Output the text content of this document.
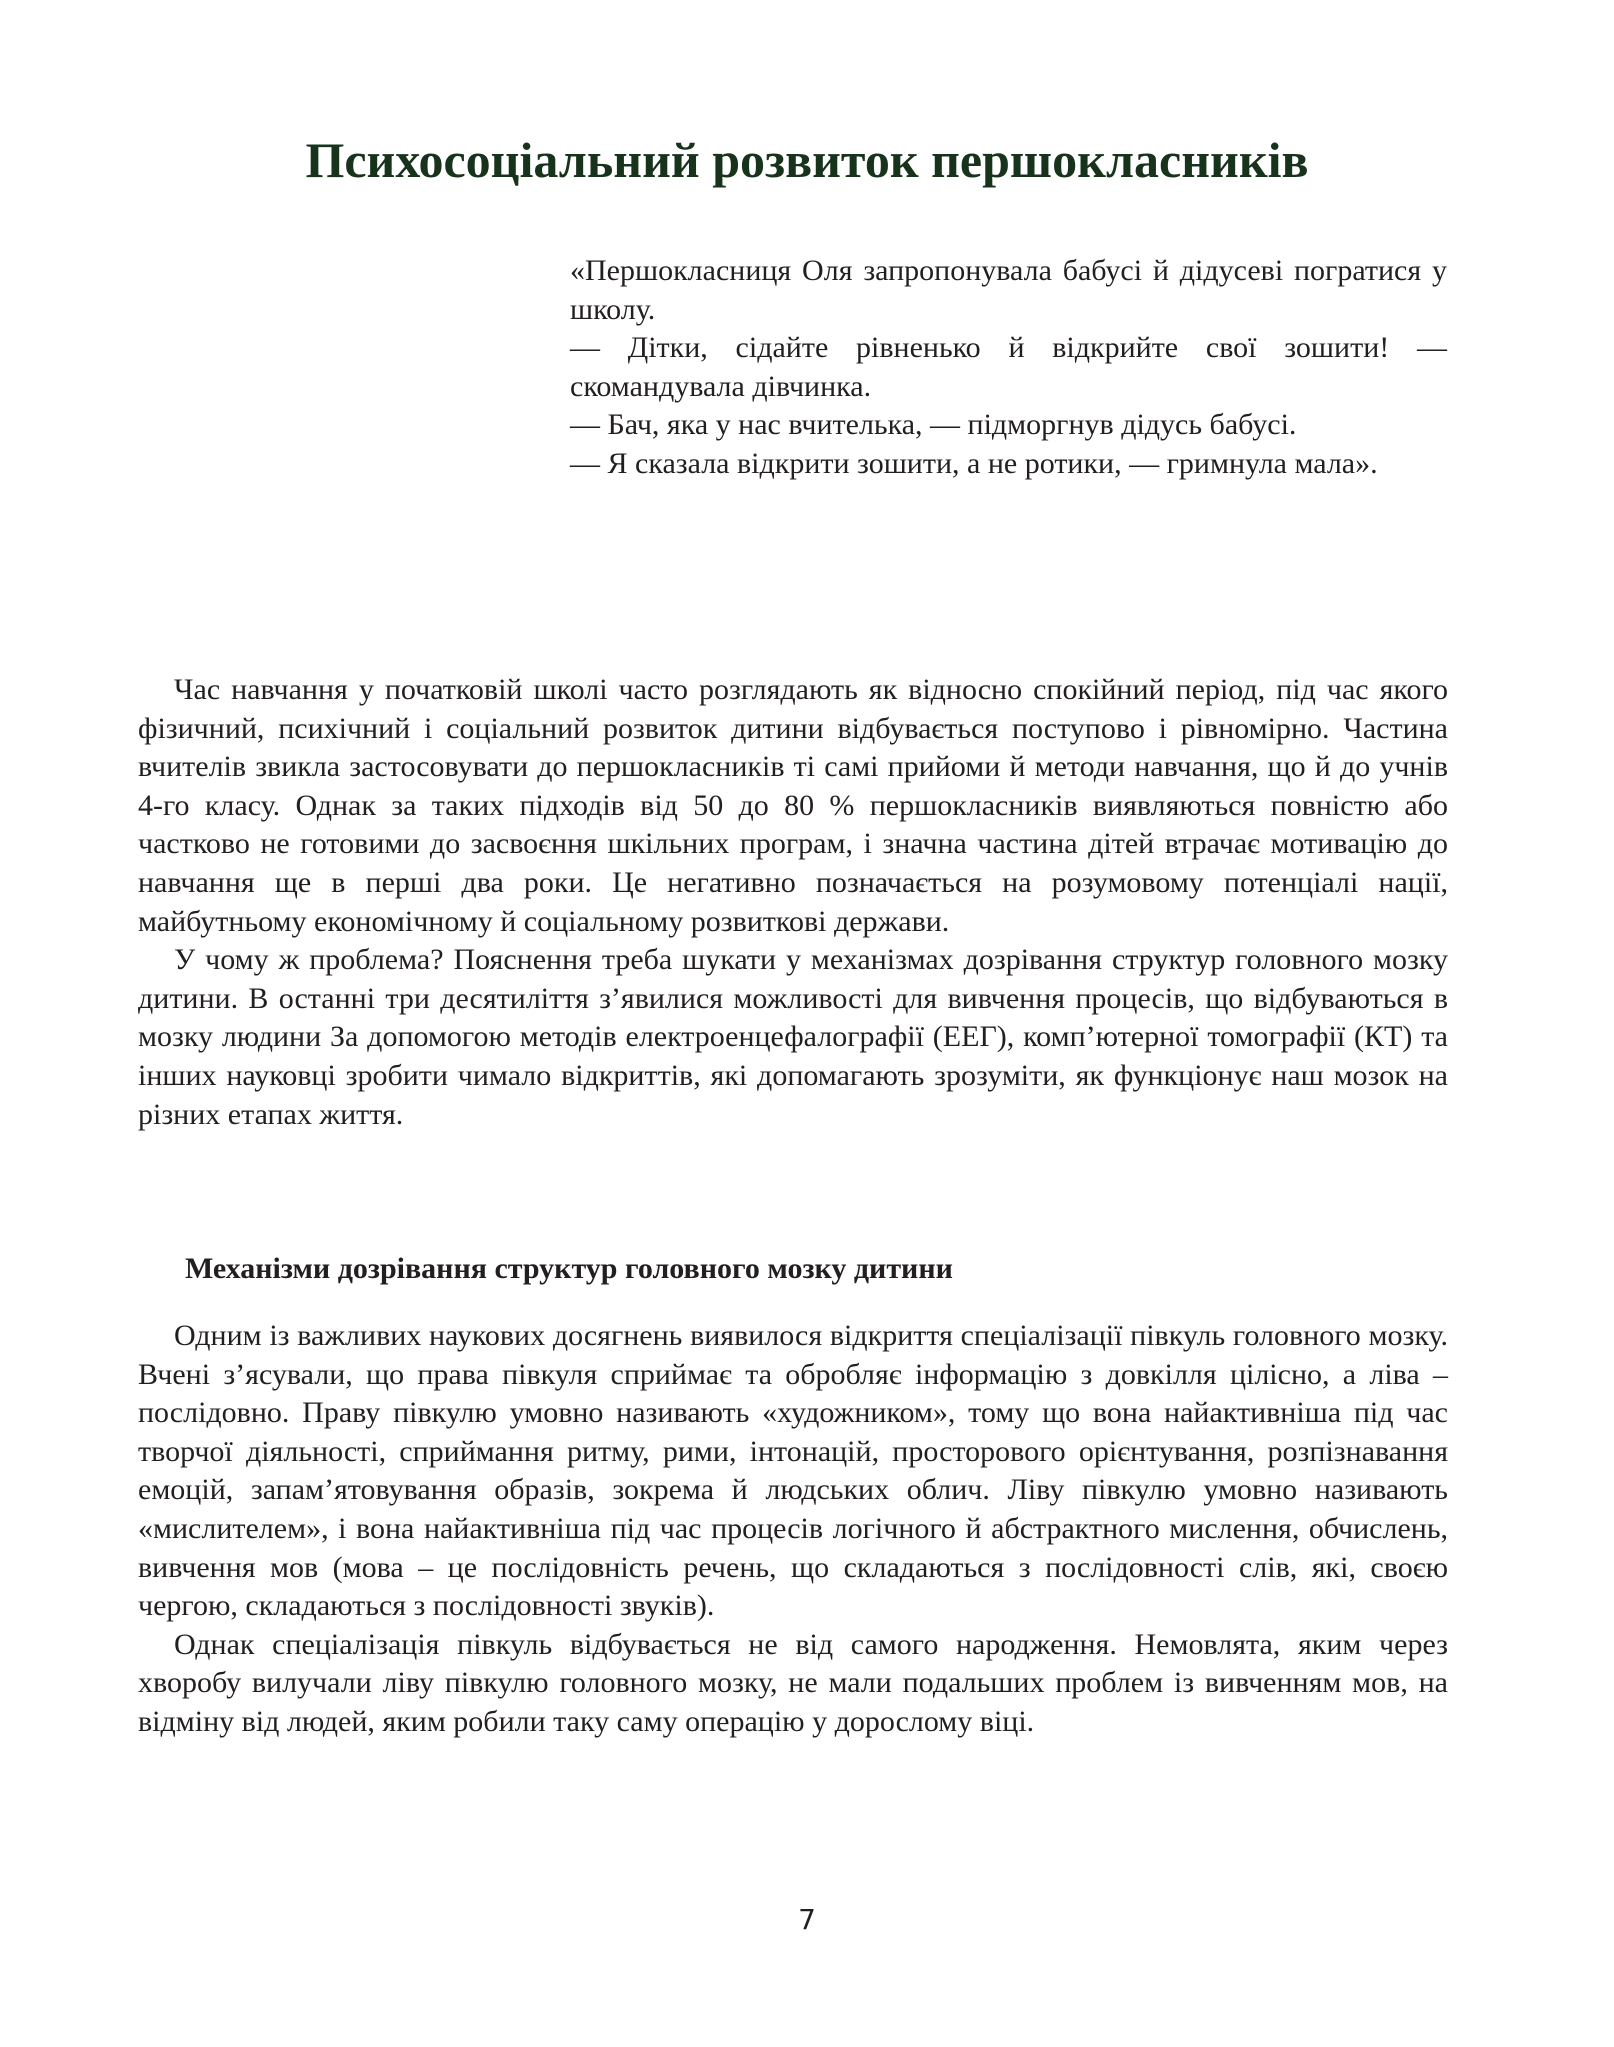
Психосоціальний розвиток першокласників

«Першокласниця Оля запропонувала бабусі й дідусеві погратися у школу.

— Дітки, сідайте рівненько й відкрийте свої зошити! — скомандувала дівчинка.

— Бач, яка у нас вчителька, — підморгнув дідусь бабусі.

— Я сказала відкрити зошити, а не ротики, — гримнула мала».

Час навчання у початковій школі часто розглядають як відносно спокійний період, під час якого фізичний, психічний і соціальний розвиток дитини відбувається поступово і рівномірно. Частина вчителів звикла застосовувати до першокласників ті самі прийоми й методи навчання, що й до учнів 4-го класу. Однак за таких підходів від 50 до 80 % першокласників виявляються повністю або частково не готовими до засвоєння шкільних програм, і значна частина дітей втрачає мотивацію до навчання ще в перші два роки. Це негативно позначається на розумовому потенціалі нації, майбутньому економічному й соціальному розвиткові держави.

У чому ж проблема? Пояснення треба шукати у механізмах дозрівання структур головного мозку дитини. В останні три десятиліття з’явилися можливості для вивчення процесів, що відбуваються в мозку людини За допомогою методів електроенцефалографії (ЕЕГ), комп’ютерної томографії (КТ) та інших науковці зробити чимало відкриттів, які допомагають зрозуміти, як функціонує наш мозок на різних етапах життя.

Механізми дозрівання структур головного мозку дитини

Одним із важливих наукових досягнень виявилося відкриття спеціалізації півкуль головного мозку. Вчені з’ясували, що права півкуля сприймає та обробляє інформацію з довкілля цілісно, а ліва – послідовно. Праву півкулю умовно називають «художником», тому що вона найактивніша під час творчої діяльності, сприймання ритму, рими, інтонацій, просторового орієнтування, розпізнавання емоцій, запам’ятовування образів, зокрема й людських облич. Ліву півкулю умовно називають «мислителем», і вона найактивніша під час процесів логічного й абстрактного мислення, обчислень, вивчення мов (мова – це послідовність речень, що складаються з послідовності слів, які, своєю чергою, складаються з послідовності звуків).

Однак спеціалізація півкуль відбувається не від самого народження. Немовлята, яким через хворобу вилучали ліву півкулю головного мозку, не мали подальших проблем із вивченням мов, на відміну від людей, яким робили таку саму операцію у дорослому віці.

7
